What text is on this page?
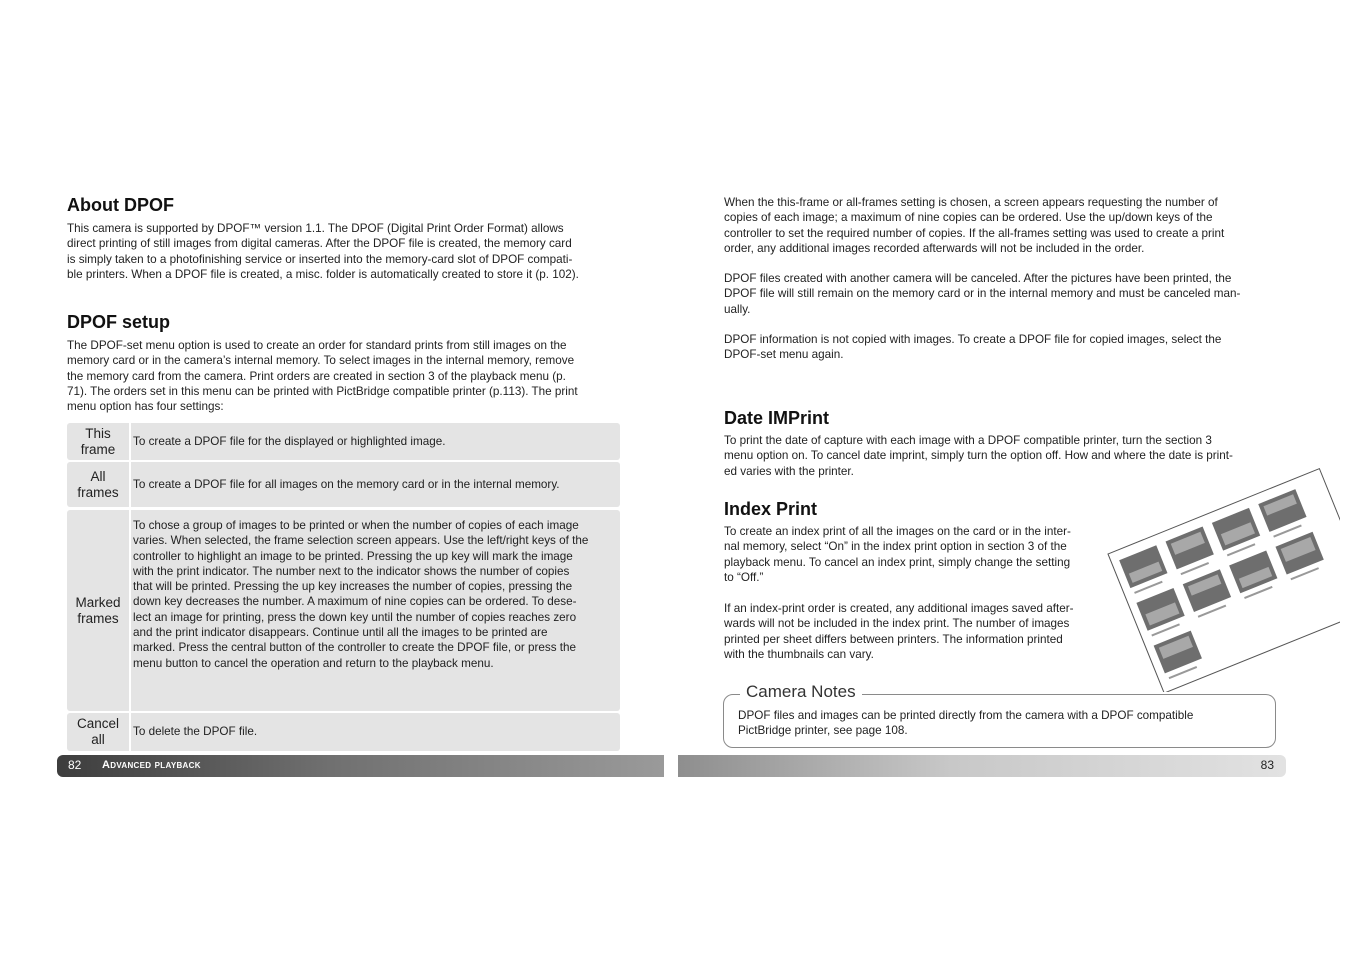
About DPOF
This camera is supported by DPOF™ version 1.1. The DPOF (Digital Print Order Format) allows
direct printing of still images from digital cameras. After the DPOF file is created, the memory card
is simply taken to a photofinishing service or inserted into the memory-card slot of DPOF compati-
ble printers. When a DPOF file is created, a misc. folder is automatically created to store it (p. 102).
DPOF setup
The DPOF-set menu option is used to create an order for standard prints from still images on the
memory card or in the camera’s internal memory. To select images in the internal memory, remove
the memory card from the camera. Print orders are created in section 3 of the playback menu (p.
71). The orders set in this menu can be printed with PictBridge compatible printer (p.113). The print
menu option has four settings:
This
frame
To create a DPOF file for the displayed or highlighted image.
All
frames
To create a DPOF file for all images on the memory card or in the internal memory.
Marked
frames
To chose a group of images to be printed or when the number of copies of each image
varies. When selected, the frame selection screen appears. Use the left/right keys of the
controller to highlight an image to be printed. Pressing the up key will mark the image
with the print indicator. The number next to the indicator shows the number of copies
that will be printed. Pressing the up key increases the number of copies, pressing the
down key decreases the number. A maximum of nine copies can be ordered. To dese-
lect an image for printing, press the down key until the number of copies reaches zero
and the print indicator disappears. Continue until all the images to be printed are
marked. Press the central button of the controller to create the DPOF file, or press the
menu button to cancel the operation and return to the playback menu.
Cancel
all
To delete the DPOF file.
82 Advanced playback
When the this-frame or all-frames setting is chosen, a screen appears requesting the number of
copies of each image; a maximum of nine copies can be ordered. Use the up/down keys of the
controller to set the required number of copies. If the all-frames setting was used to create a print
order, any additional images recorded afterwards will not be included in the order.
DPOF files created with another camera will be canceled. After the pictures have been printed, the
DPOF file will still remain on the memory card or in the internal memory and must be canceled man-
ually.
DPOF information is not copied with images. To create a DPOF file for copied images, select the
DPOF-set menu again.
Date IMPrint
To print the date of capture with each image with a DPOF compatible printer, turn the section 3
menu option on. To cancel date imprint, simply turn the option off. How and where the date is print-
ed varies with the printer.
Index Print
To create an index print of all the images on the card or in the inter-
nal memory, select “On” in the index print option in section 3 of the
playback menu. To cancel an index print, simply change the setting
to “Off.”
If an index-print order is created, any additional images saved after-
wards will not be included in the index print. The number of images
printed per sheet differs between printers. The information printed
with the thumbnails can vary.
Camera Notes
DPOF files and images can be printed directly from the camera with a DPOF compatible
PictBridge printer, see page 108.
83
